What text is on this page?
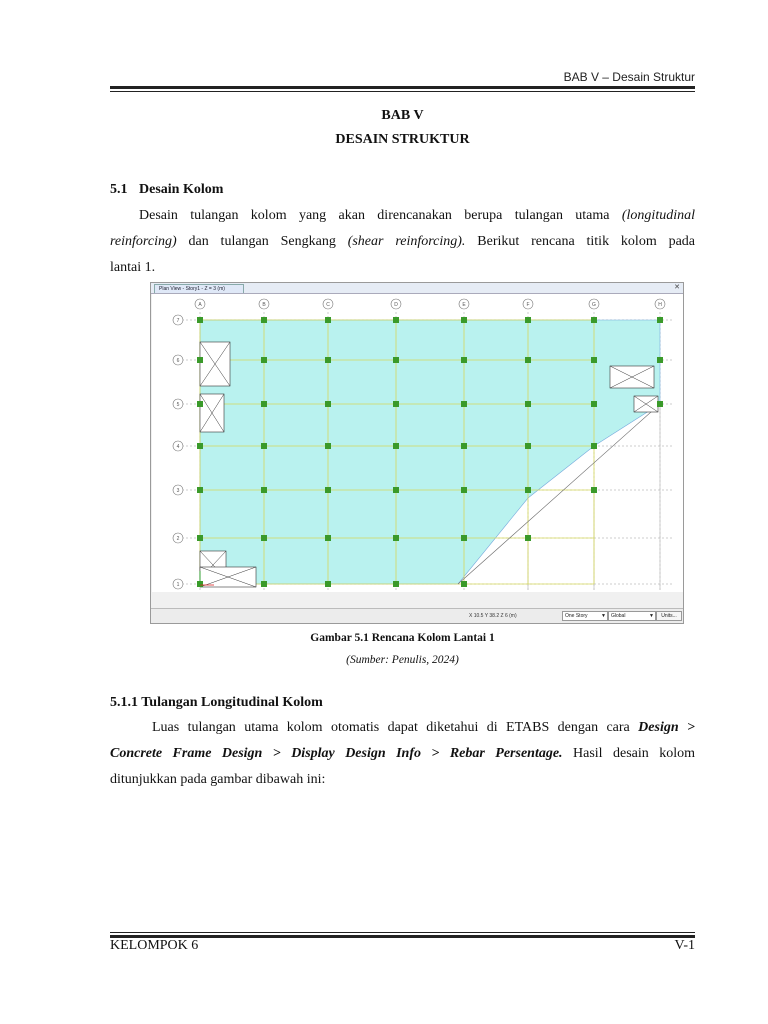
BAB V – Desain Struktur
BAB V
DESAIN STRUKTUR
5.1 Desain Kolom
Desain tulangan kolom yang akan direncanakan berupa tulangan utama (longitudinal
reinforcing) dan tulangan Sengkang (shear reinforcing). Berikut rencana titik kolom pada
lantai 1.
Plan View - Story1 - Z = 3 (m)	✕
A	B	C	D	E	F	G	H
7
6
5
4
3
2
1
X 10.5 Y 38.2 Z 6 (m)	One Story	▼	Global	▼	Units...
Gambar 5.1 Rencana Kolom Lantai 1
(Sumber: Penulis, 2024)
5.1.1 Tulangan Longitudinal Kolom
Luas tulangan utama kolom otomatis dapat diketahui di ETABS dengan cara Design >
Concrete Frame Design > Display Design Info > Rebar Persentage. Hasil desain kolom
ditunjukkan pada gambar dibawah ini:
KELOMPOK 6	V-1
